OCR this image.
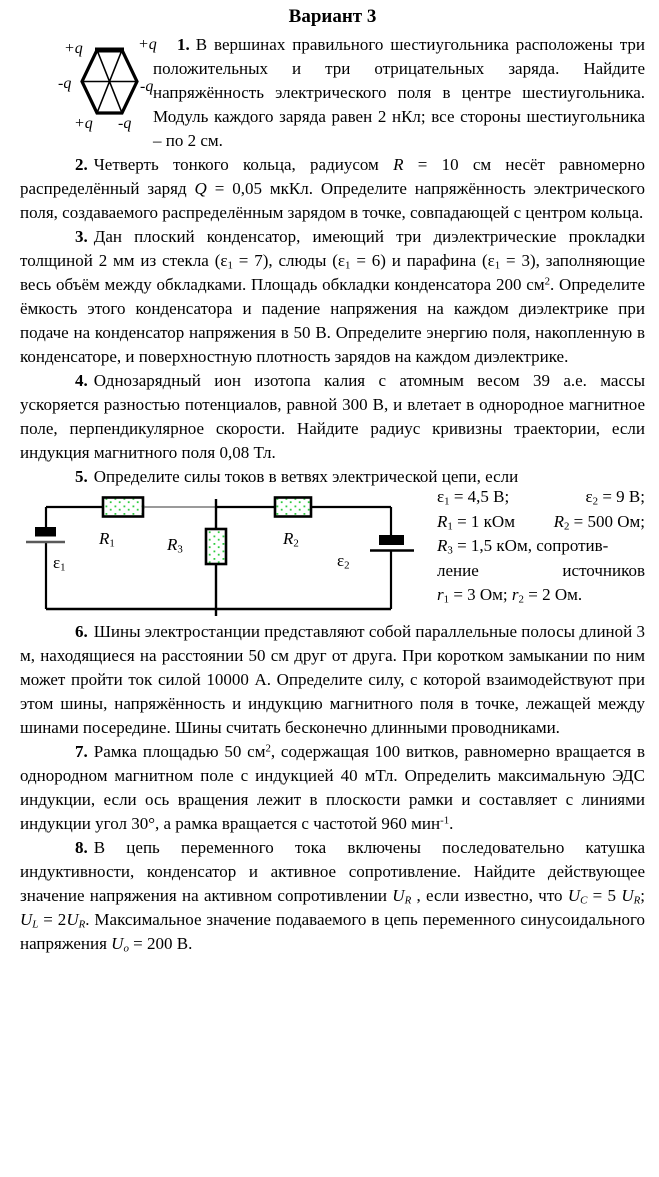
Вариант 3

+q	+q
-q	-q
+q -q
1. В вершинах правильного шестиугольника расположены три положительных и три отрицательных заряда. Найдите напряжённость электрического поля в центре шестиугольника. Модуль каждого заряда равен 2 нКл; все стороны шестиугольника – по 2 см.

2. Четверть тонкого кольца, радиусом R = 10 см несёт равномерно распределённый заряд Q = 0,05 мкКл. Определите напряжённость электрического поля, создаваемого распределённым зарядом в точке, совпадающей с центром кольца.

3. Дан плоский конденсатор, имеющий три диэлектрические прокладки толщиной 2 мм из стекла $(\varepsilon_1 = 7)$, слюды $(\varepsilon_1 = 6)$ и парафина $(\varepsilon_1 = 3)$, заполняющие весь объём между обкладками. Площадь обкладки конденсатора 200 $см^2$. Определите ёмкость этого конденсатора и падение напряжения на каждом диэлектрике при подаче на конденсатор напряжения в 50 В. Определите энергию поля, накопленную в конденсаторе, и поверхностную плотность зарядов на каждом диэлектрике.

4. Однозарядный ион изотопа калия с атомным весом 39 а.е. массы ускоряется разностью потенциалов, равной 300 В, и влетает в однородное магнитное поле, перпендикулярное скорости. Найдите радиус кривизны траектории, если индукция магнитного поля 0,08 Тл.

5. Определите силы токов в ветвях электрической цепи, если

$R_1$	$R_3$
$R_2$
$\varepsilon_1$	$\varepsilon_2$
$\varepsilon_1 = 4,5$ В;	$\varepsilon_2 = 9$ В;
$R_1 = 1$ кОм $R_2 = 500$ Ом;
$R_3 = 1,5$ кОм, сопротив-
ление	источников
$r_1 = 3$ Ом; $r_2 = 2$ Ом.

6. Шины электростанции представляют собой параллельные полосы длиной 3 м, находящиеся на расстоянии 50 см друг от друга. При коротком замыкании по ним может пройти ток силой 10000 А. Определите силу, с которой взаимодействуют при этом шины, напряжённость и индукцию магнитного поля в точке, лежащей между шинами посередине. Шины считать бесконечно длинными проводниками.

7. Рамка площадью 50 $см^2$, содержащая 100 витков, равномерно вращается в однородном магнитном поле с индукцией 40 мТл. Определить максимальную ЭДС индукции, если ось вращения лежит в плоскости рамки и составляет с линиями индукции угол 30°, а рамка вращается с частотой 960 мин$^{-1}$.

8. В цепь переменного тока включены последовательно катушка индуктивности, конденсатор и активное сопротивление. Найдите действующее значение напряжения на активном сопротивлении $U_R$ , если известно, что $U_C = 5$ $U_R$; $U_L = 2U_R$. Максимальное значение подаваемого в цепь переменного синусоидального напряжения $U_o = 200$ В.
